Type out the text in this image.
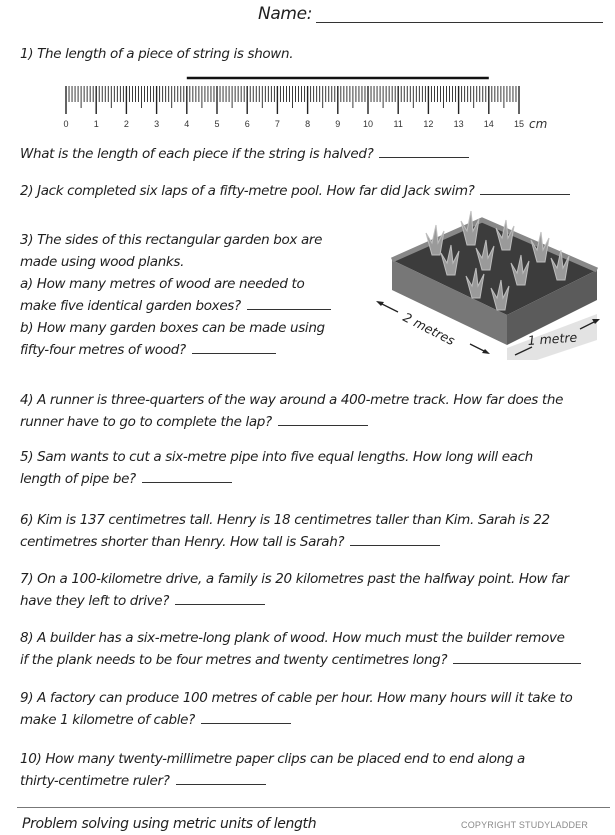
Name:
1) The length of a piece of string is shown.
0	1	2	3	4	5	6	7	8	9	10 11 12 13 14 15 cm
What is the length of each piece if the string is halved?
2) Jack completed six laps of a fifty-metre pool. How far did Jack swim?
3) The sides of this rectangular garden box are
made using wood planks.
a) How many metres of wood are needed to
make five identical garden boxes?
b) How many garden boxes can be made using
fifty-four metres of wood?
2 metres	1 metre
4) A runner is three-quarters of the way around a 400-metre track. How far does the
runner have to go to complete the lap?
5) Sam wants to cut a six-metre pipe into five equal lengths. How long will each
length of pipe be?
6) Kim is 137 centimetres tall. Henry is 18 centimetres taller than Kim. Sarah is 22
centimetres shorter than Henry. How tall is Sarah?
7) On a 100-kilometre drive, a family is 20 kilometres past the halfway point. How far
have they left to drive?
8) A builder has a six-metre-long plank of wood. How much must the builder remove
if the plank needs to be four metres and twenty centimetres long?
9) A factory can produce 100 metres of cable per hour. How many hours will it take to
make 1 kilometre of cable?
10) How many twenty-millimetre paper clips can be placed end to end along a
thirty-centimetre ruler?
Problem solving using metric units of length	COPYRIGHT STUDYLADDER
